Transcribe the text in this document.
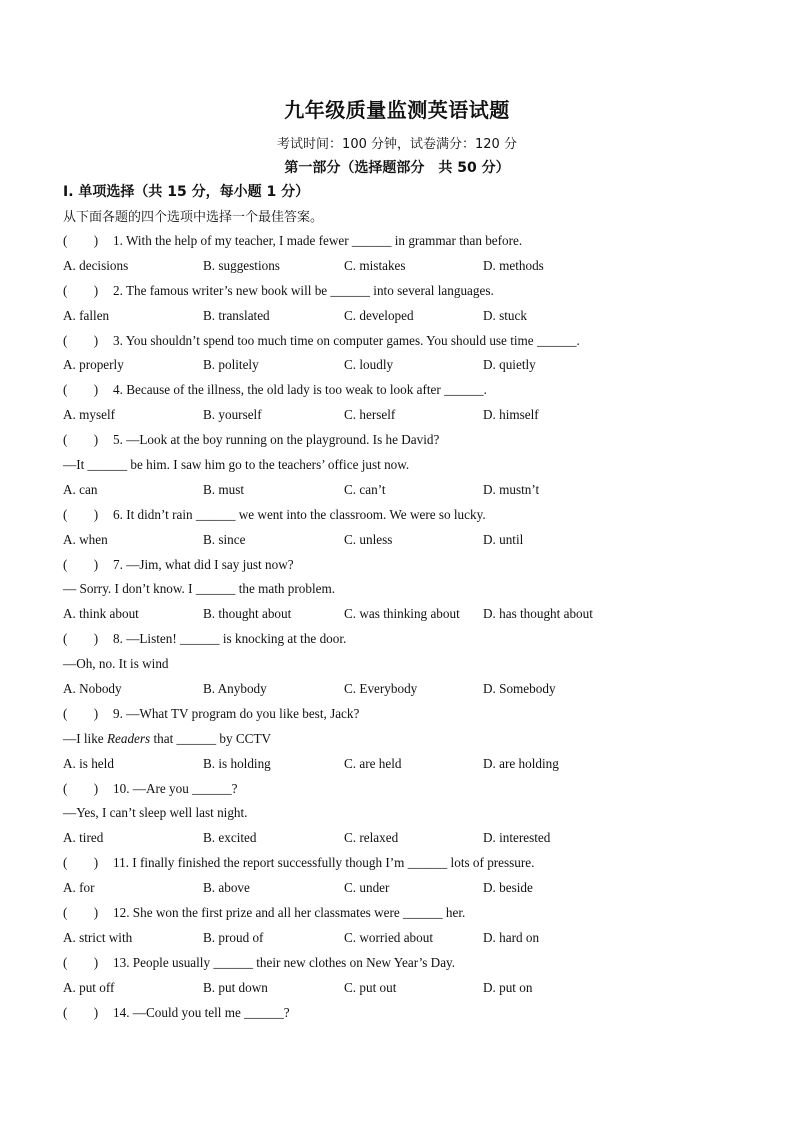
九年级质量监测英语试题
考试时间：100 分钟，试卷满分：120 分
第一部分（选择题部分　共 50 分）
Ⅰ. 单项选择（共 15 分，每小题 1 分）
从下面各题的四个选项中选择一个最佳答案。
(　　) 1. With the help of my teacher, I made fewer ______ in grammar than before.
A. decisions	B. suggestions	C. mistakes	D. methods
(　　) 2. The famous writer’s new book will be ______ into several languages.
A. fallen	B. translated	C. developed	D. stuck
(　　) 3. You shouldn’t spend too much time on computer games. You should use time ______.
A. properly	B. politely	C. loudly	D. quietly
(　　) 4. Because of the illness, the old lady is too weak to look after ______.
A. myself	B. yourself	C. herself	D. himself
(　　) 5. —Look at the boy running on the playground. Is he David?
—It ______ be him. I saw him go to the teachers’ office just now.
A. can	B. must	C. can’t	D. mustn’t
(　　) 6. It didn’t rain ______ we went into the classroom. We were so lucky.
A. when	B. since	C. unless	D. until
(　　) 7. —Jim, what did I say just now?
— Sorry. I don’t know. I ______ the math problem.
A. think about	B. thought about	C. was thinking about D. has thought about
(　　) 8. —Listen! ______ is knocking at the door.
—Oh, no. It is wind
A. Nobody	B. Anybody	C. Everybody	D. Somebody
(　　) 9. —What TV program do you like best, Jack?
—I like Readers that ______ by CCTV
A. is held	B. is holding	C. are held	D. are holding
(　　) 10. —Are you ______?
—Yes, I can’t sleep well last night.
A. tired	B. excited	C. relaxed	D. interested
(　　) 11. I finally finished the report successfully though I’m ______ lots of pressure.
A. for	B. above	C. under	D. beside
(　　) 12. She won the first prize and all her classmates were ______ her.
A. strict with	B. proud of	C. worried about	D. hard on
(　　) 13. People usually ______ their new clothes on New Year’s Day.
A. put off	B. put down	C. put out	D. put on
(　　) 14. —Could you tell me ______?
